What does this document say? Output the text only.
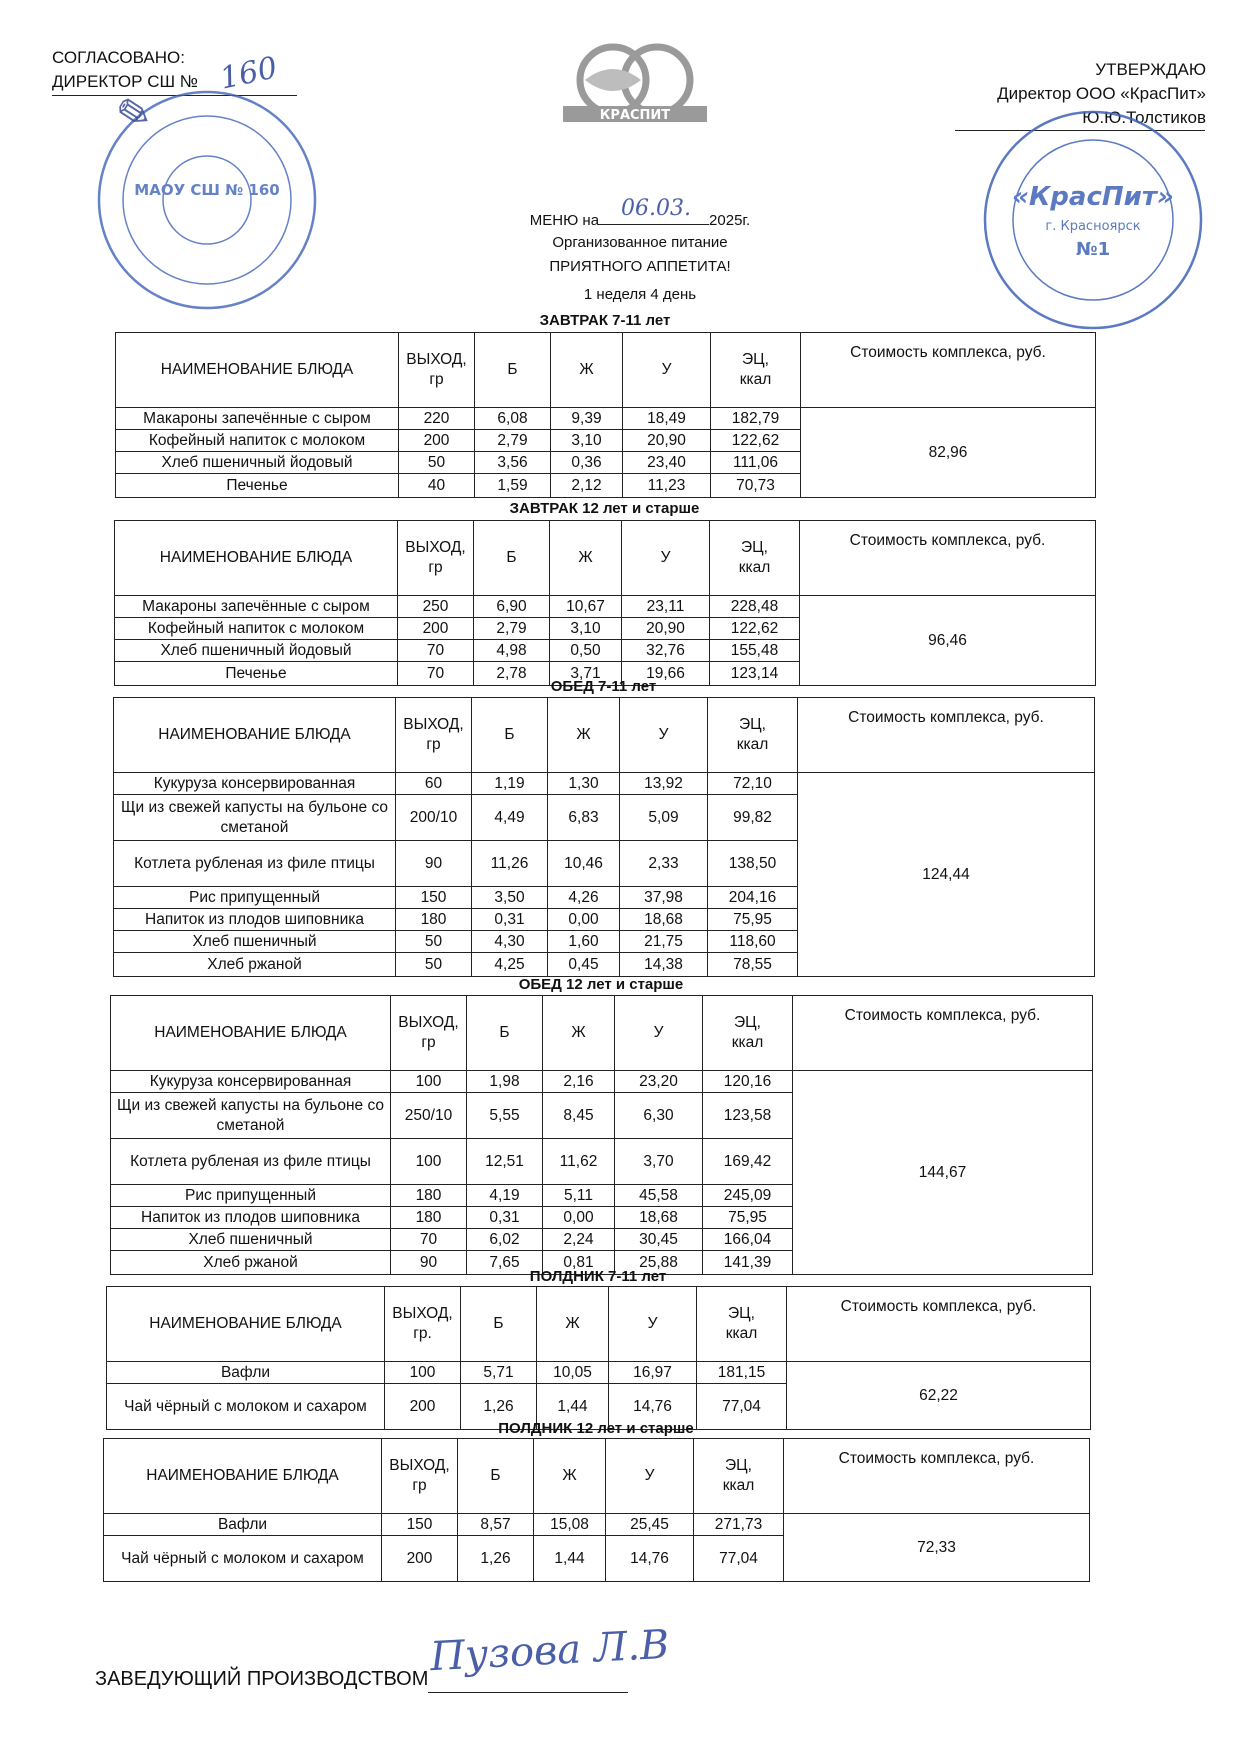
СОГЛАСОВАНО:
ДИРЕКТОР СШ № 160	УТВЕРЖДАЮ
Директор ООО «КрасПит»
Ю.Ю.Толстиков
КРАСПИТ
МАОУ СШ № 160
✎
«КрасПит»
г. Красноярск
№1
МЕНЮ на 06.03. 2025г.
Организованное питание
ПРИЯТНОГО АППЕТИТА!
1 неделя 4 день
ЗАВТРАК 7-11 лет
НАИМЕНОВАНИЕ БЛЮДА	ВЫХОД, гр	Б	Ж	У	ЭЦ,
ккал	Стоимость комплекса, руб.
Макароны запечённые с сыром	220	6,08	9,39	18,49	182,79	82,96
Кофейный напиток с молоком	200	2,79	3,10	20,90	122,62	
Хлеб пшеничный йодовый	50	3,56	0,36	23,40	111,06	
Печенье	40	1,59	2,12	11,23	70,73	
ЗАВТРАК 12 лет и старше
НАИМЕНОВАНИЕ БЛЮДА	ВЫХОД, гр	Б	Ж	У	ЭЦ,
ккал	Стоимость комплекса, руб.
Макароны запечённые с сыром	250	6,90	10,67	23,11	228,48	96,46
Кофейный напиток с молоком	200	2,79	3,10	20,90	122,62	
Хлеб пшеничный йодовый	70	4,98	0,50	32,76	155,48	
Печенье	70	2,78	3,71	19,66	123,14	
ОБЕД 7-11 лет
НАИМЕНОВАНИЕ БЛЮДА	ВЫХОД, гр	Б	Ж	У	ЭЦ,
ккал	Стоимость комплекса, руб.
Кукуруза консервированная	60	1,19	1,30	13,92	72,10	124,44
Щи из свежей капусты на бульоне со сметаной	200/10	4,49	6,83	5,09	99,82	
Котлета рубленая из филе птицы	90	11,26	10,46	2,33	138,50	
Рис припущенный	150	3,50	4,26	37,98	204,16	
Напиток из плодов шиповника	180	0,31	0,00	18,68	75,95	
Хлеб пшеничный	50	4,30	1,60	21,75	118,60	
Хлеб ржаной	50	4,25	0,45	14,38	78,55	
ОБЕД 12 лет и старше
НАИМЕНОВАНИЕ БЛЮДА	ВЫХОД, гр	Б	Ж	У	ЭЦ,
ккал	Стоимость комплекса, руб.
Кукуруза консервированная	100	1,98	2,16	23,20	120,16	144,67
Щи из свежей капусты на бульоне со сметаной	250/10	5,55	8,45	6,30	123,58	
Котлета рубленая из филе птицы	100	12,51	11,62	3,70	169,42	
Рис припущенный	180	4,19	5,11	45,58	245,09	
Напиток из плодов шиповника	180	0,31	0,00	18,68	75,95	
Хлеб пшеничный	70	6,02	2,24	30,45	166,04	
Хлеб ржаной	90	7,65	0,81	25,88	141,39	
ПОЛДНИК 7-11 лет
НАИМЕНОВАНИЕ БЛЮДА	ВЫХОД, гр.	Б	Ж	У	ЭЦ,
ккал	Стоимость комплекса, руб.
Вафли	100	5,71	10,05	16,97	181,15	62,22
Чай чёрный с молоком и сахаром	200	1,26	1,44	14,76	77,04	
ПОЛДНИК 12 лет и старше
НАИМЕНОВАНИЕ БЛЮДА	ВЫХОД, гр	Б	Ж	У	ЭЦ,
ккал	Стоимость комплекса, руб.
Вафли	150	8,57	15,08	25,45	271,73	72,33
Чай чёрный с молоком и сахаром	200	1,26	1,44	14,76	77,04	
ЗАВЕДУЮЩИЙ ПРОИЗВОДСТВОМ Пузова Л.В
